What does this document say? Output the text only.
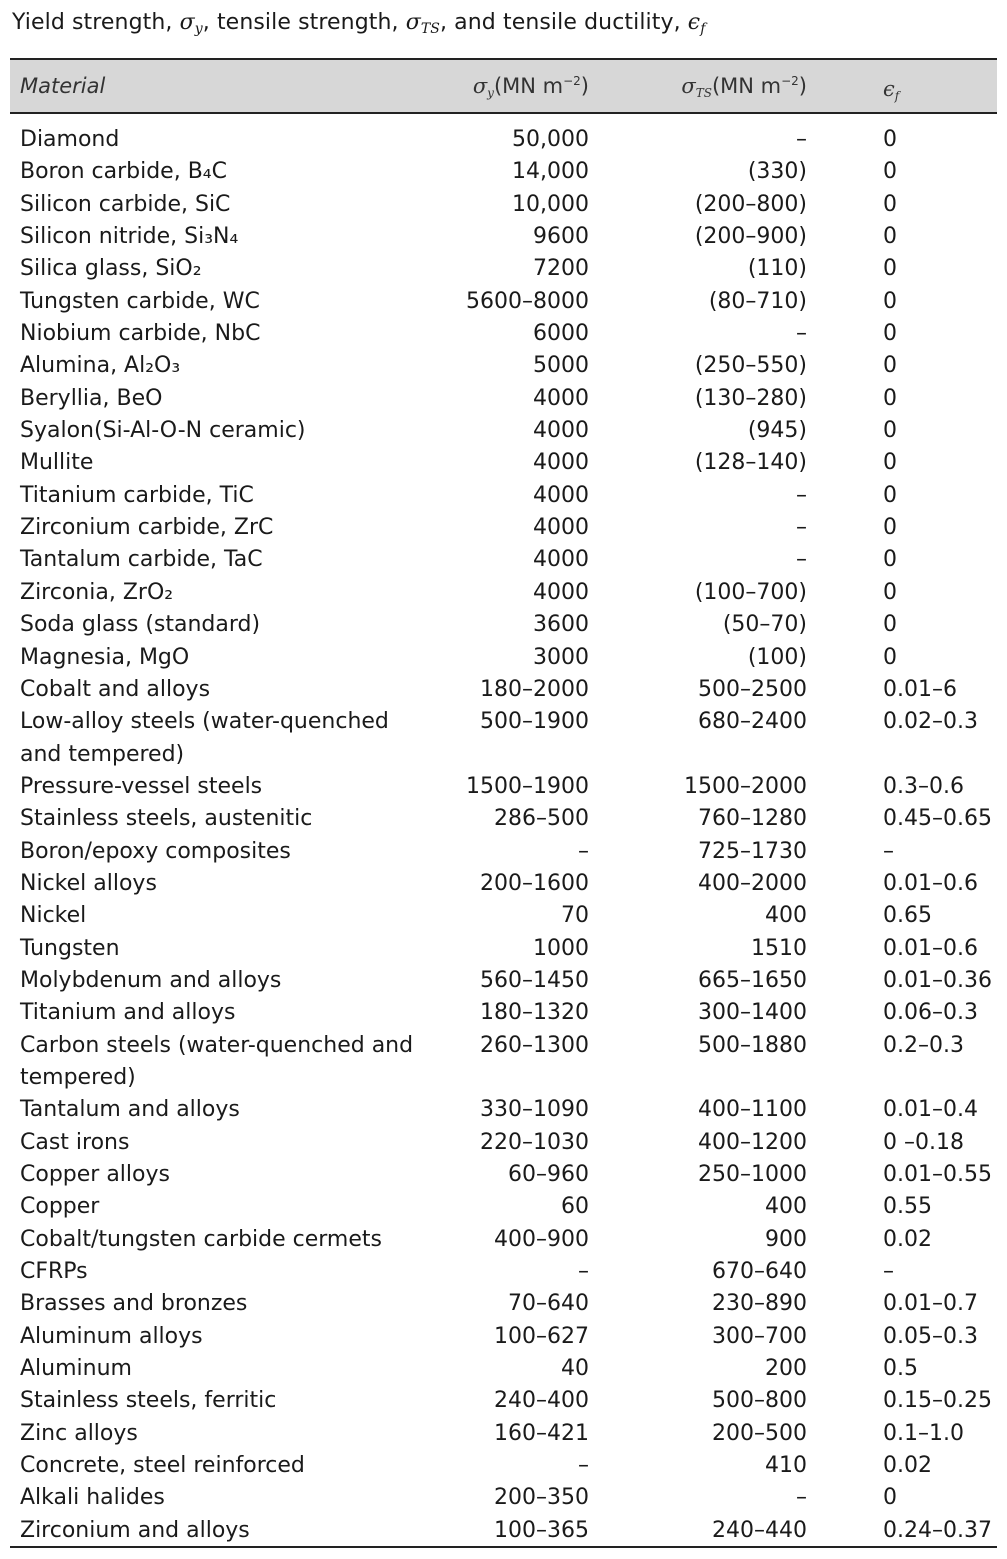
Yield strength, $\sigma_y$, tensile strength, $\sigma_{TS}$, and tensile ductility, $\epsilon_f$
Material	$\sigma_y(MN$ $m^{-2}$)	$\sigma_{TS}(MN$ $m^{-2}$)	$\epsilon_f$
Diamond	50,000	–	0
Boron carbide, B₄C	14,000	(330)	0
Silicon carbide, SiC	10,000	(200–800)	0
Silicon nitride, Si₃N₄	9600	(200–900)	0
Silica glass, SiO₂	7200	(110)	0
Tungsten carbide, WC	5600–8000	(80–710)	0
Niobium carbide, NbC	6000	–	0
Alumina, Al₂O₃	5000	(250–550)	0
Beryllia, BeO	4000	(130–280)	0
Syalon(Si-Al-O-N ceramic)	4000	(945)	0
Mullite	4000	(128–140)	0
Titanium carbide, TiC	4000	–	0
Zirconium carbide, ZrC	4000	–	0
Tantalum carbide, TaC	4000	–	0
Zirconia, ZrO₂	4000	(100–700)	0
Soda glass (standard)	3600	(50–70)	0
Magnesia, MgO	3000	(100)	0
Cobalt and alloys	180–2000	500–2500	0.01–6
Low-alloy steels (water-quenched and tempered)
500–1900	680–2400	0.02–0.3
Pressure-vessel steels	1500–1900	1500–2000	0.3–0.6
Stainless steels, austenitic	286–500	760–1280	0.45–0.65
Boron/epoxy composites	–	725–1730	–
Nickel alloys	200–1600	400–2000	0.01–0.6
Nickel	70	400	0.65
Tungsten	1000	1510	0.01–0.6
Molybdenum and alloys	560–1450	665–1650	0.01–0.36
Titanium and alloys	180–1320	300–1400	0.06–0.3
Carbon steels (water-quenched and tempered)
260–1300	500–1880	0.2–0.3
Tantalum and alloys	330–1090	400–1100	0.01–0.4
Cast irons	220–1030	400–1200	0 –0.18
Copper alloys	60–960	250–1000	0.01–0.55
Copper	60	400	0.55
Cobalt/tungsten carbide cermets	400–900	900	0.02
CFRPs	–	670–640	–
Brasses and bronzes	70–640	230–890	0.01–0.7
Aluminum alloys	100–627	300–700	0.05–0.3
Aluminum	40	200	0.5
Stainless steels, ferritic	240–400	500–800	0.15–0.25
Zinc alloys	160–421	200–500	0.1–1.0
Concrete, steel reinforced	–	410	0.02
Alkali halides	200–350	–	0
Zirconium and alloys	100–365	240–440	0.24–0.37
